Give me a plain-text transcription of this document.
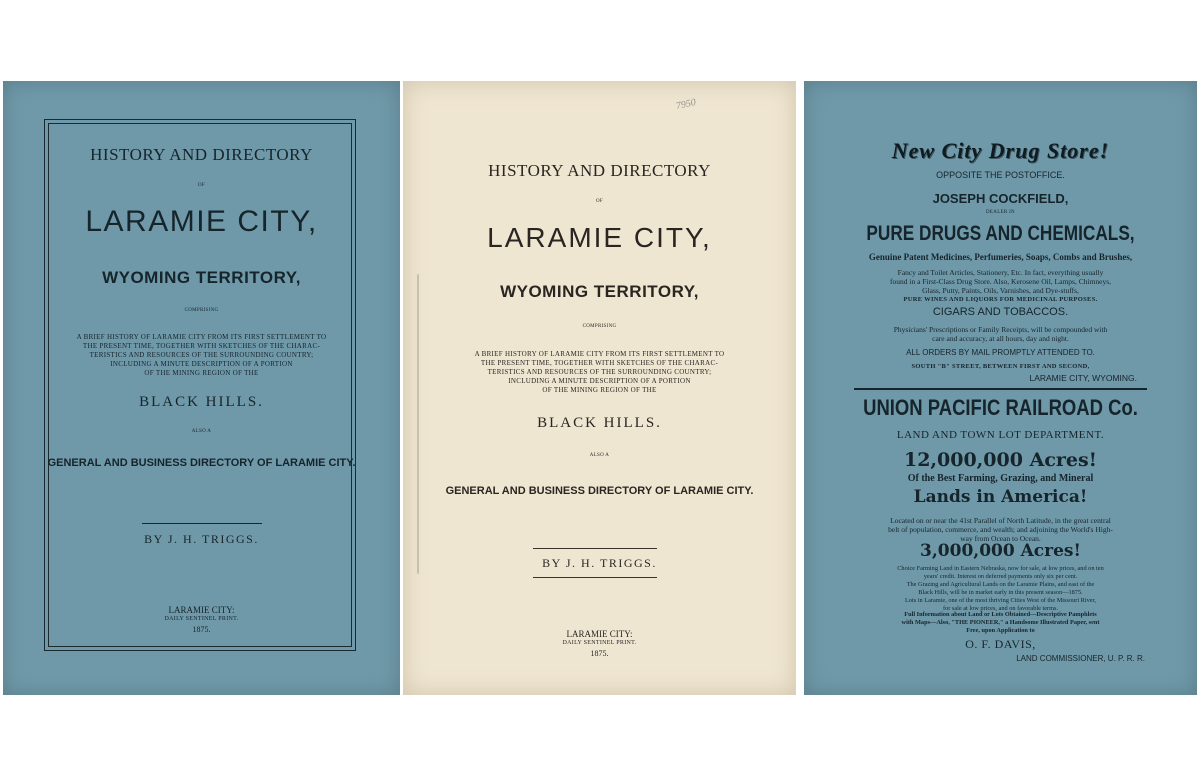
HISTORY AND DIRECTORY
OF
LARAMIE CITY,
WYOMING TERRITORY,
COMPRISING
A BRIEF HISTORY OF LARAMIE CITY FROM ITS FIRST SETTLEMENT TO
THE PRESENT TIME, TOGETHER WITH SKETCHES OF THE CHARAC-
TERISTICS AND RESOURCES OF THE SURROUNDING COUNTRY;
INCLUDING A MINUTE DESCRIPTION OF A PORTION
OF THE MINING REGION OF THE
BLACK HILLS.
ALSO A
GENERAL AND BUSINESS DIRECTORY OF LARAMIE CITY.
BY J. H. TRIGGS.
LARAMIE CITY:
DAILY SENTINEL PRINT.
1875.
7950
HISTORY AND DIRECTORY
OF
LARAMIE CITY,
WYOMING TERRITORY,
COMPRISING
A BRIEF HISTORY OF LARAMIE CITY FROM ITS FIRST SETTLEMENT TO
THE PRESENT TIME, TOGETHER WITH SKETCHES OF THE CHARAC-
TERISTICS AND RESOURCES OF THE SURROUNDING COUNTRY;
INCLUDING A MINUTE DESCRIPTION OF A PORTION
OF THE MINING REGION OF THE
BLACK HILLS.
ALSO A
GENERAL AND BUSINESS DIRECTORY OF LARAMIE CITY.
BY J. H. TRIGGS.
LARAMIE CITY:
DAILY SENTINEL PRINT.
1875.
New City Drug Store!
OPPOSITE THE POSTOFFICE.
JOSEPH COCKFIELD,
DEALER IN
PURE DRUGS AND CHEMICALS,
Genuine Patent Medicines, Perfumeries, Soaps, Combs and Brushes,
Fancy and Toilet Articles, Stationery, Etc. In fact, everything usually
found in a First-Class Drug Store. Also, Kerosene Oil, Lamps, Chimneys,
Glass, Putty, Paints, Oils, Varnishes, and Dye-stuffs,
PURE WINES AND LIQUORS FOR MEDICINAL PURPOSES.
CIGARS AND TOBACCOS.
Physicians' Prescriptions or Family Receipts, will be compounded with
care and accuracy, at all hours, day and night.
ALL ORDERS BY MAIL PROMPTLY ATTENDED TO.
SOUTH "B" STREET, BETWEEN FIRST AND SECOND,
LARAMIE CITY, WYOMING.
UNION PACIFIC RAILROAD Co.
LAND AND TOWN LOT DEPARTMENT.
12,000,000 Acres!
Of the Best Farming, Grazing, and Mineral
Lands in America!
Located on or near the 41st Parallel of North Latitude, in the great central
belt of population, commerce, and wealth; and adjoining the World's High-
way from Ocean to Ocean.
3,000,000 Acres!
Choice Farming Land in Eastern Nebraska, now for sale, at low prices, and on ten
years' credit. Interest on deferred payments only six per cent.
The Grazing and Agricultural Lands on the Laramie Plains, and east of the
Black Hills, will be in market early in this present season—1875.
Lots in Laramie, one of the most thriving Cities West of the Missouri River,
for sale at low prices, and on favorable terms.
Full Information about Land or Lots Obtained—Descriptive Pamphlets
with Maps—Also, "THE PIONEER," a Handsome Illustrated Paper, sent
Free, upon Application to
O. F. DAVIS,
LAND COMMISSIONER, U. P. R. R.
